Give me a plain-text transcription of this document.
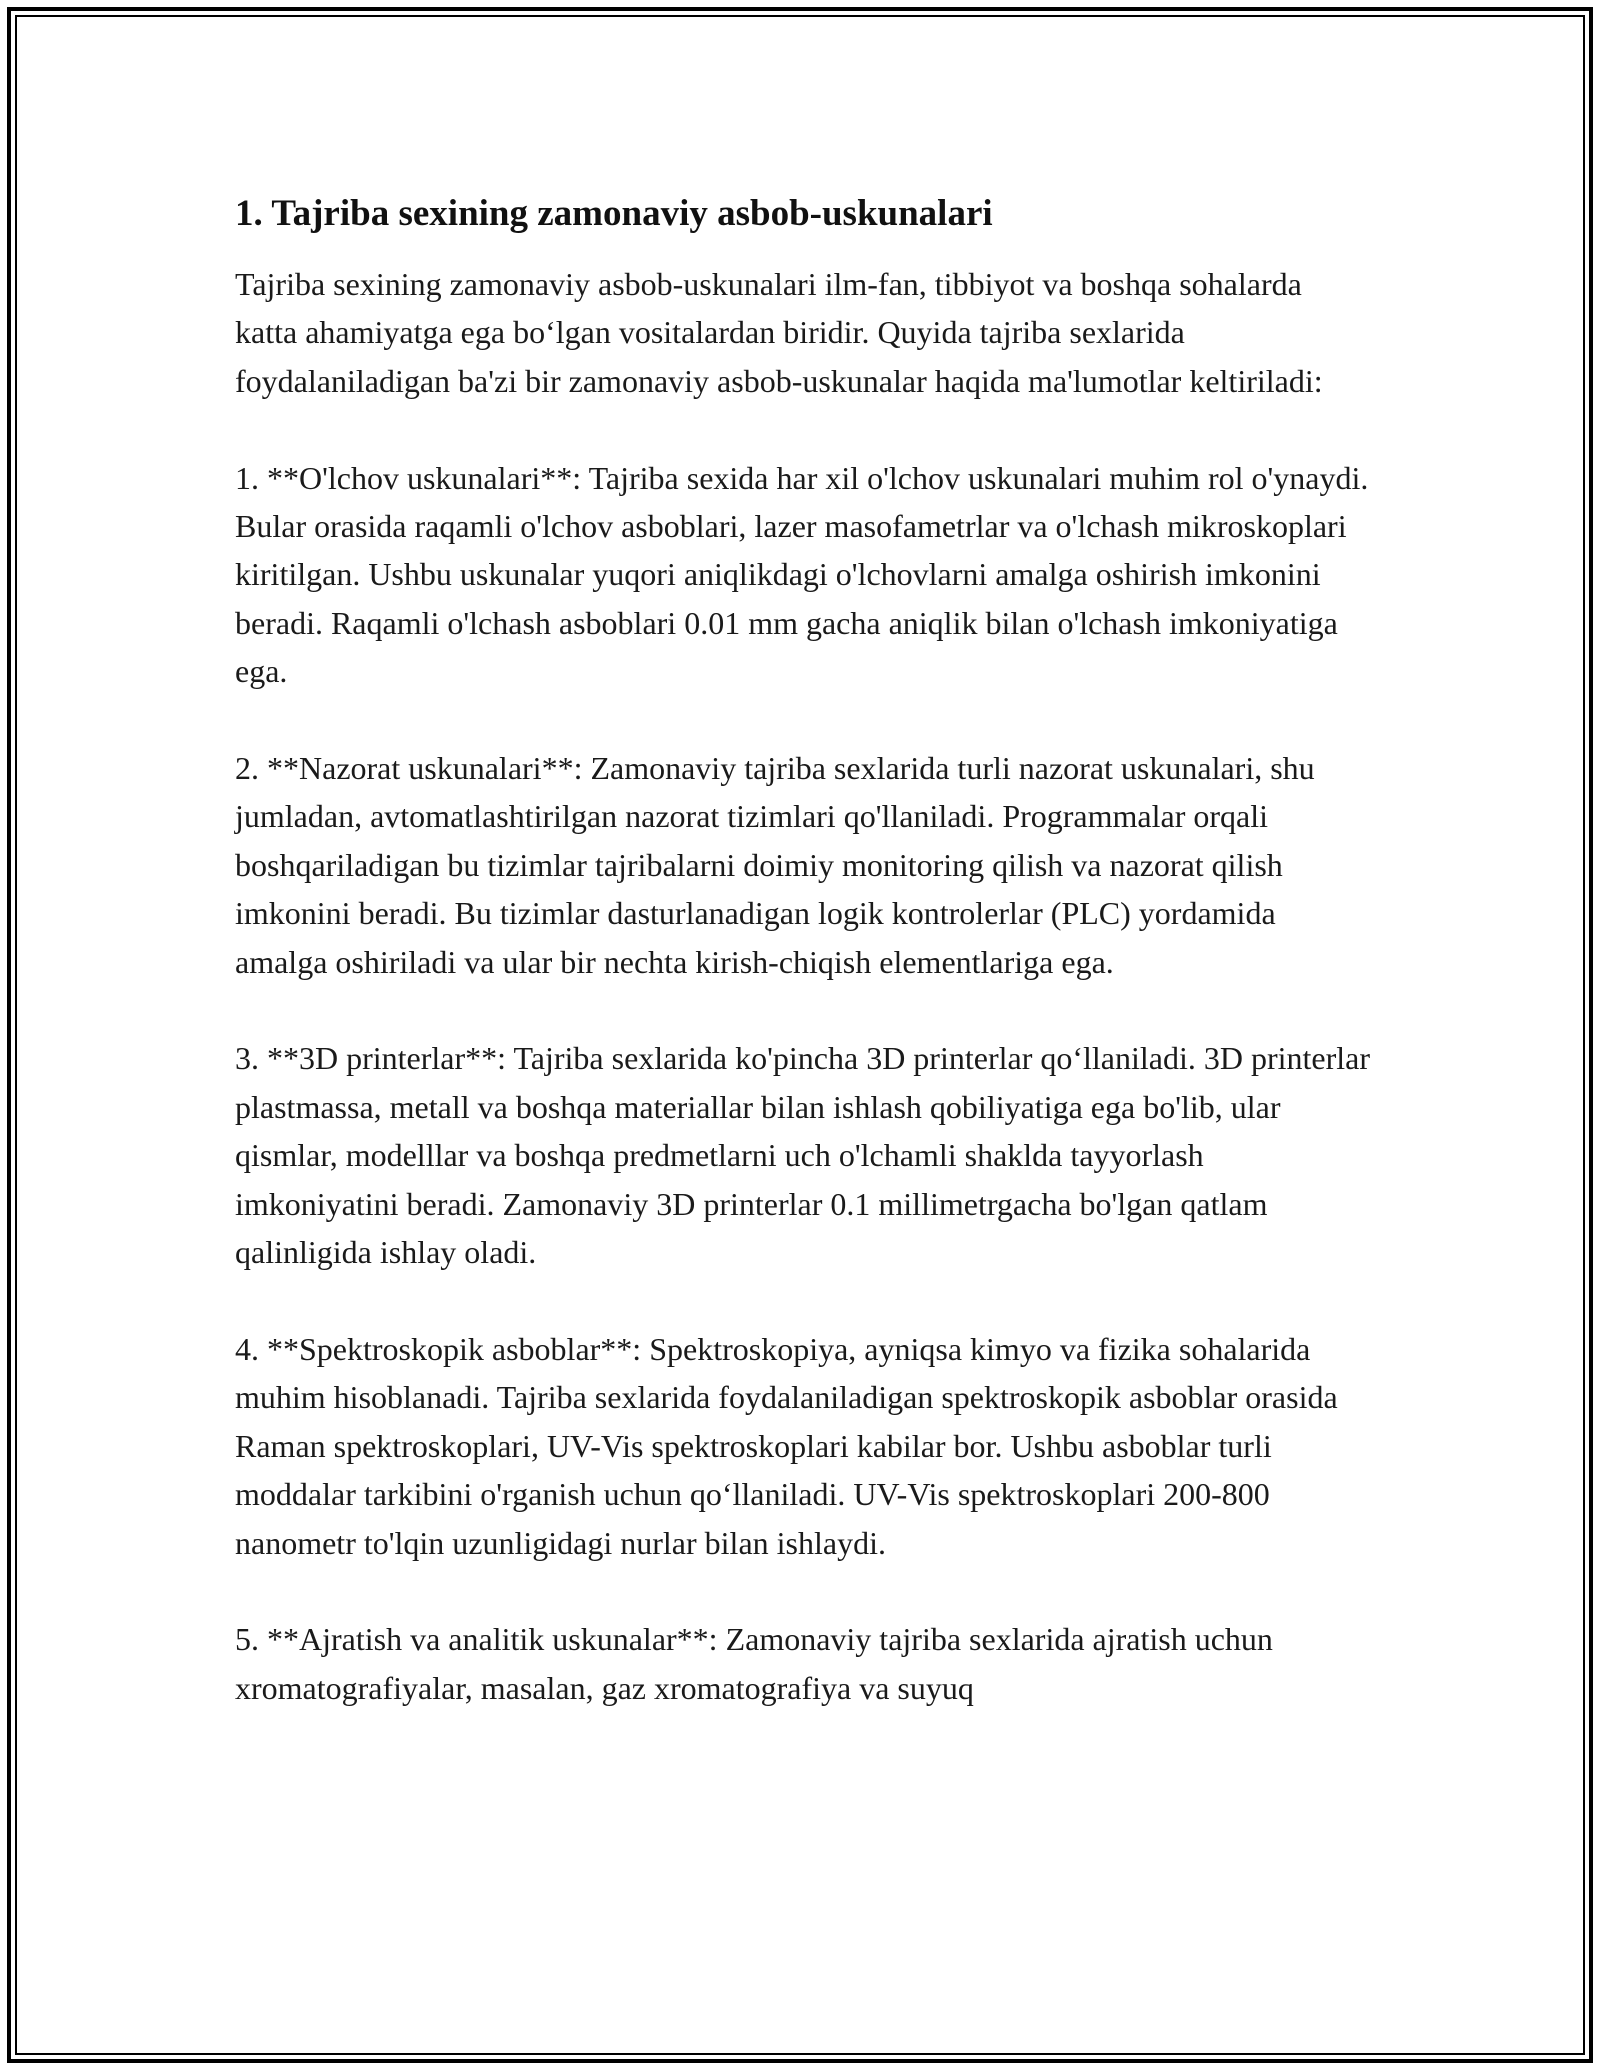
1. Tajriba sexining zamonaviy asbob-uskunalari

Tajriba sexining zamonaviy asbob-uskunalari ilm-fan, tibbiyot va boshqa sohalarda katta ahamiyatga ega bo‘lgan vositalardan biridir. Quyida tajriba sexlarida foydalaniladigan ba'zi bir zamonaviy asbob-uskunalar haqida ma'lumotlar keltiriladi:

1. **O'lchov uskunalari**: Tajriba sexida har xil o'lchov uskunalari muhim rol o'ynaydi. Bular orasida raqamli o'lchov asboblari, lazer masofametrlar va o'lchash mikroskoplari kiritilgan. Ushbu uskunalar yuqori aniqlikdagi o'lchovlarni amalga oshirish imkonini beradi. Raqamli o'lchash asboblari 0.01 mm gacha aniqlik bilan o'lchash imkoniyatiga ega.

2. **Nazorat uskunalari**: Zamonaviy tajriba sexlarida turli nazorat uskunalari, shu jumladan, avtomatlashtirilgan nazorat tizimlari qo'llaniladi. Programmalar orqali boshqariladigan bu tizimlar tajribalarni doimiy monitoring qilish va nazorat qilish imkonini beradi. Bu tizimlar dasturlanadigan logik kontrolerlar (PLC) yordamida amalga oshiriladi va ular bir nechta kirish-chiqish elementlariga ega.

3. **3D printerlar**: Tajriba sexlarida ko'pincha 3D printerlar qo‘llaniladi. 3D printerlar plastmassa, metall va boshqa materiallar bilan ishlash qobiliyatiga ega bo'lib, ular qismlar, modelllar va boshqa predmetlarni uch o'lchamli shakldа tayyorlash imkoniyatini beradi. Zamonaviy 3D printerlar 0.1 millimetrgacha bo'lgan qatlam qalinligida ishlay oladi.

4. **Spektroskopik asboblar**: Spektroskopiya, ayniqsa kimyo va fizika sohalarida muhim hisoblanadi. Tajriba sexlarida foydalaniladigan spektroskopik asboblar orasida Raman spektroskoplari, UV-Vis spektroskoplari kabilar bor. Ushbu asboblar turli moddalar tarkibini o'rganish uchun qo‘llaniladi. UV-Vis spektroskoplari 200-800 nanometr to'lqin uzunligidagi nurlar bilan ishlaydi.

5. **Ajratish va analitik uskunalar**: Zamonaviy tajriba sexlarida ajratish uchun xromatografiyalar, masalan, gaz xromatografiya va suyuq
